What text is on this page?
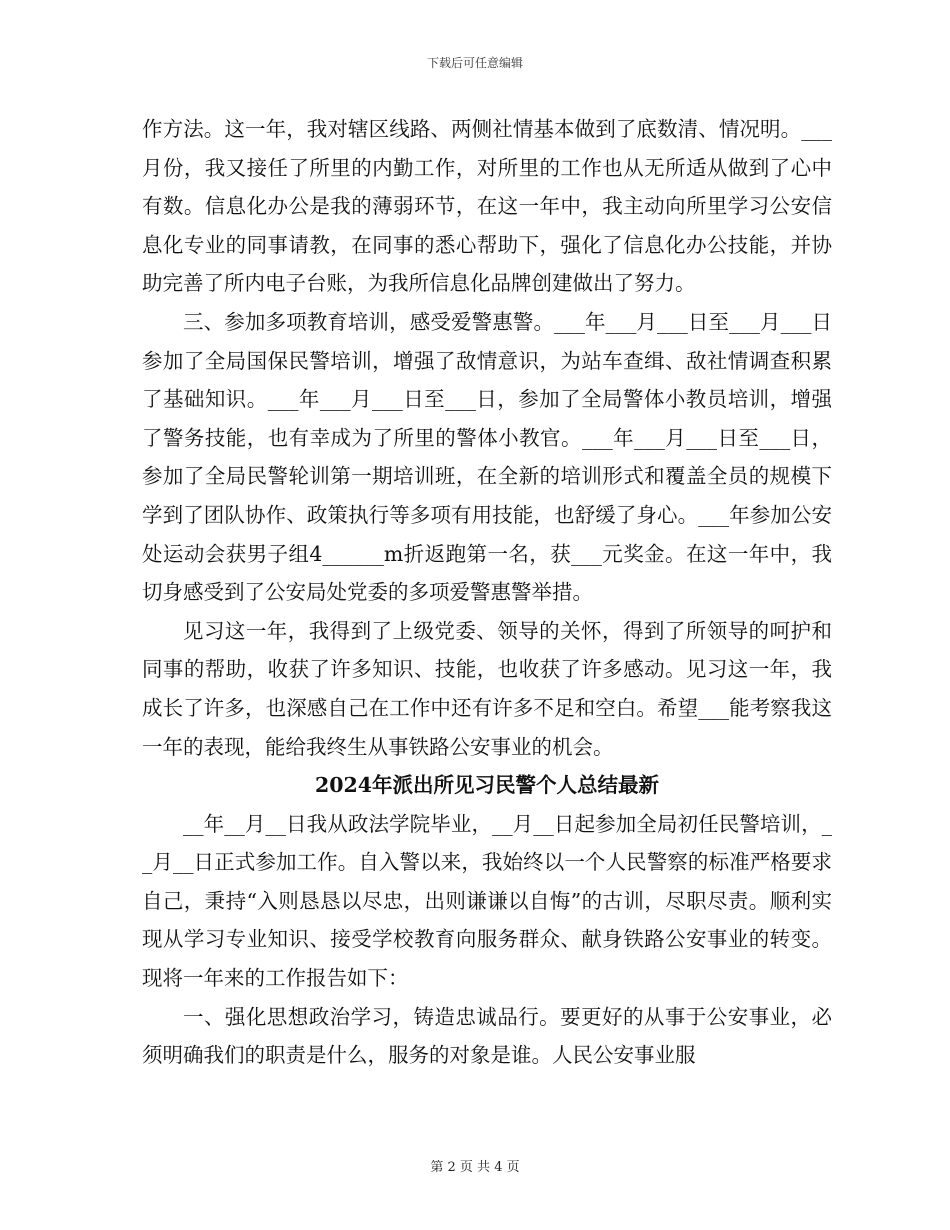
下载后可任意编辑

作方法。这一年，我对辖区线路、两侧社情基本做到了底数清、情况明。___月份，我又接任了所里的内勤工作，对所里的工作也从无所适从做到了心中有数。信息化办公是我的薄弱环节，在这一年中，我主动向所里学习公安信息化专业的同事请教，在同事的悉心帮助下，强化了信息化办公技能，并协助完善了所内电子台账，为我所信息化品牌创建做出了努力。

三、参加多项教育培训，感受爱警惠警。___年___月___日至___月___日参加了全局国保民警培训，增强了敌情意识，为站车查缉、敌社情调查积累了基础知识。___年___月___日至___日，参加了全局警体小教员培训，增强了警务技能，也有幸成为了所里的警体小教官。___年___月___日至___日，参加了全局民警轮训第一期培训班，在全新的培训形式和覆盖全员的规模下学到了团队协作、政策执行等多项有用技能，也舒缓了身心。___年参加公安处运动会获男子组4______m折返跑第一名，获___元奖金。在这一年中，我切身感受到了公安局处党委的多项爱警惠警举措。

见习这一年，我得到了上级党委、领导的关怀，得到了所领导的呵护和同事的帮助，收获了许多知识、技能，也收获了许多感动。见习这一年，我成长了许多，也深感自己在工作中还有许多不足和空白。希望___能考察我这一年的表现，能给我终生从事铁路公安事业的机会。

2024年派出所见习民警个人总结最新

__年__月__日我从政法学院毕业，__月__日起参加全局初任民警培训，__月__日正式参加工作。自入警以来，我始终以一个人民警察的标准严格要求自己，秉持“入则恳恳以尽忠，出则谦谦以自悔”的古训，尽职尽责。顺利实现从学习专业知识、接受学校教育向服务群众、献身铁路公安事业的转变。现将一年来的工作报告如下：

一、强化思想政治学习，铸造忠诚品行。要更好的从事于公安事业，必须明确我们的职责是什么，服务的对象是谁。人民公安事业服

第 2 页 共 4 页
